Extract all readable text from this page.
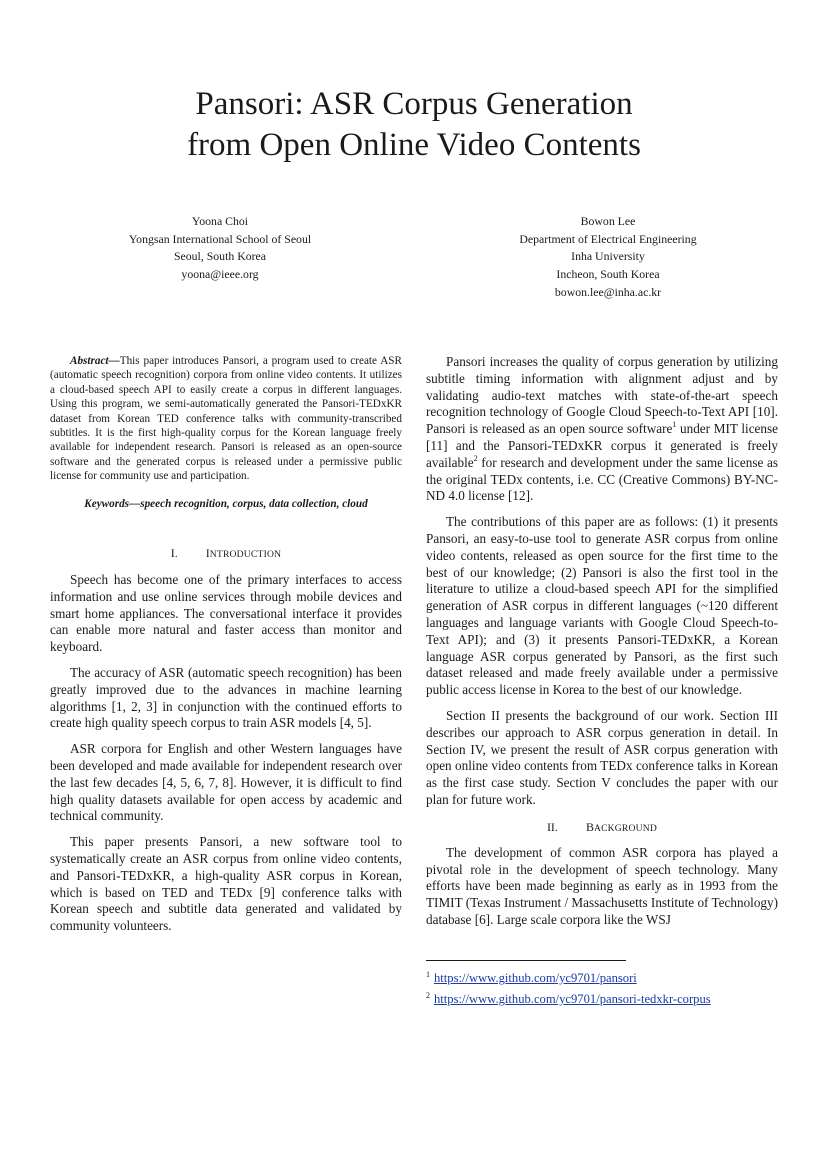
Pansori: ASR Corpus Generation
from Open Online Video Contents
Yoona Choi
Yongsan International School of Seoul
Seoul, South Korea
yoona@ieee.org
Bowon Lee
Department of Electrical Engineering
Inha University
Incheon, South Korea
bowon.lee@inha.ac.kr

Abstract—This paper introduces Pansori, a program used to create ASR (automatic speech recognition) corpora from online video contents. It utilizes a cloud-based speech API to easily create a corpus in different languages. Using this program, we semi-automatically generated the Pansori-TEDxKR dataset from Korean TED conference talks with community-transcribed subtitles. It is the first high-quality corpus for the Korean language freely available for independent research. Pansori is released as an open-source software and the generated corpus is released under a permissive public license for community use and participation.

Keywords—speech recognition, corpus, data collection, cloud

I. INTRODUCTION

Speech has become one of the primary interfaces to access information and use online services through mobile devices and smart home appliances. The conversational interface it provides can enable more natural and faster access than monitor and keyboard.

The accuracy of ASR (automatic speech recognition) has been greatly improved due to the advances in machine learning algorithms [1, 2, 3] in conjunction with the continued efforts to create high quality speech corpus to train ASR models [4, 5].

ASR corpora for English and other Western languages have been developed and made available for independent research over the last few decades [4, 5, 6, 7, 8]. However, it is difficult to find high quality datasets available for open access by academic and technical community.

This paper presents Pansori, a new software tool to systematically create an ASR corpus from online video contents, and Pansori-TEDxKR, a high-quality ASR corpus in Korean, which is based on TED and TEDx [9] conference talks with Korean speech and subtitle data generated and validated by community volunteers.

Pansori increases the quality of corpus generation by utilizing subtitle timing information with alignment adjust and by validating audio-text matches with state-of-the-art speech recognition technology of Google Cloud Speech-to-Text API [10]. Pansori is released as an open source software$^1$ under MIT license [11] and the Pansori-TEDxKR corpus it generated is freely available$^2$ for research and development under the same license as the original TEDx contents, i.e. CC (Creative Commons) BY-NC-ND 4.0 license [12].

The contributions of this paper are as follows: (1) it presents Pansori, an easy-to-use tool to generate ASR corpus from online video contents, released as open source for the first time to the best of our knowledge; (2) Pansori is also the first tool in the literature to utilize a cloud-based speech API for the simplified generation of ASR corpus in different languages (~120 different languages and language variants with Google Cloud Speech-to-Text API); and (3) it presents Pansori-TEDxKR, a Korean language ASR corpus generated by Pansori, as the first such dataset released and made freely available under a permissive public access license in Korea to the best of our knowledge.

Section II presents the background of our work. Section III describes our approach to ASR corpus generation in detail. In Section IV, we present the result of ASR corpus generation with open online video contents from TEDx conference talks in Korean as the first case study. Section V concludes the paper with our plan for future work.

II. BACKGROUND

The development of common ASR corpora has played a pivotal role in the development of speech technology. Many efforts have been made beginning as early as in 1993 from the TIMIT (Texas Instrument / Massachusetts Institute of Technology) database [6]. Large scale corpora like the WSJ

$^1$ https://www.github.com/yc9701/pansori
$^2$ https://www.github.com/yc9701/pansori-tedxkr-corpus
